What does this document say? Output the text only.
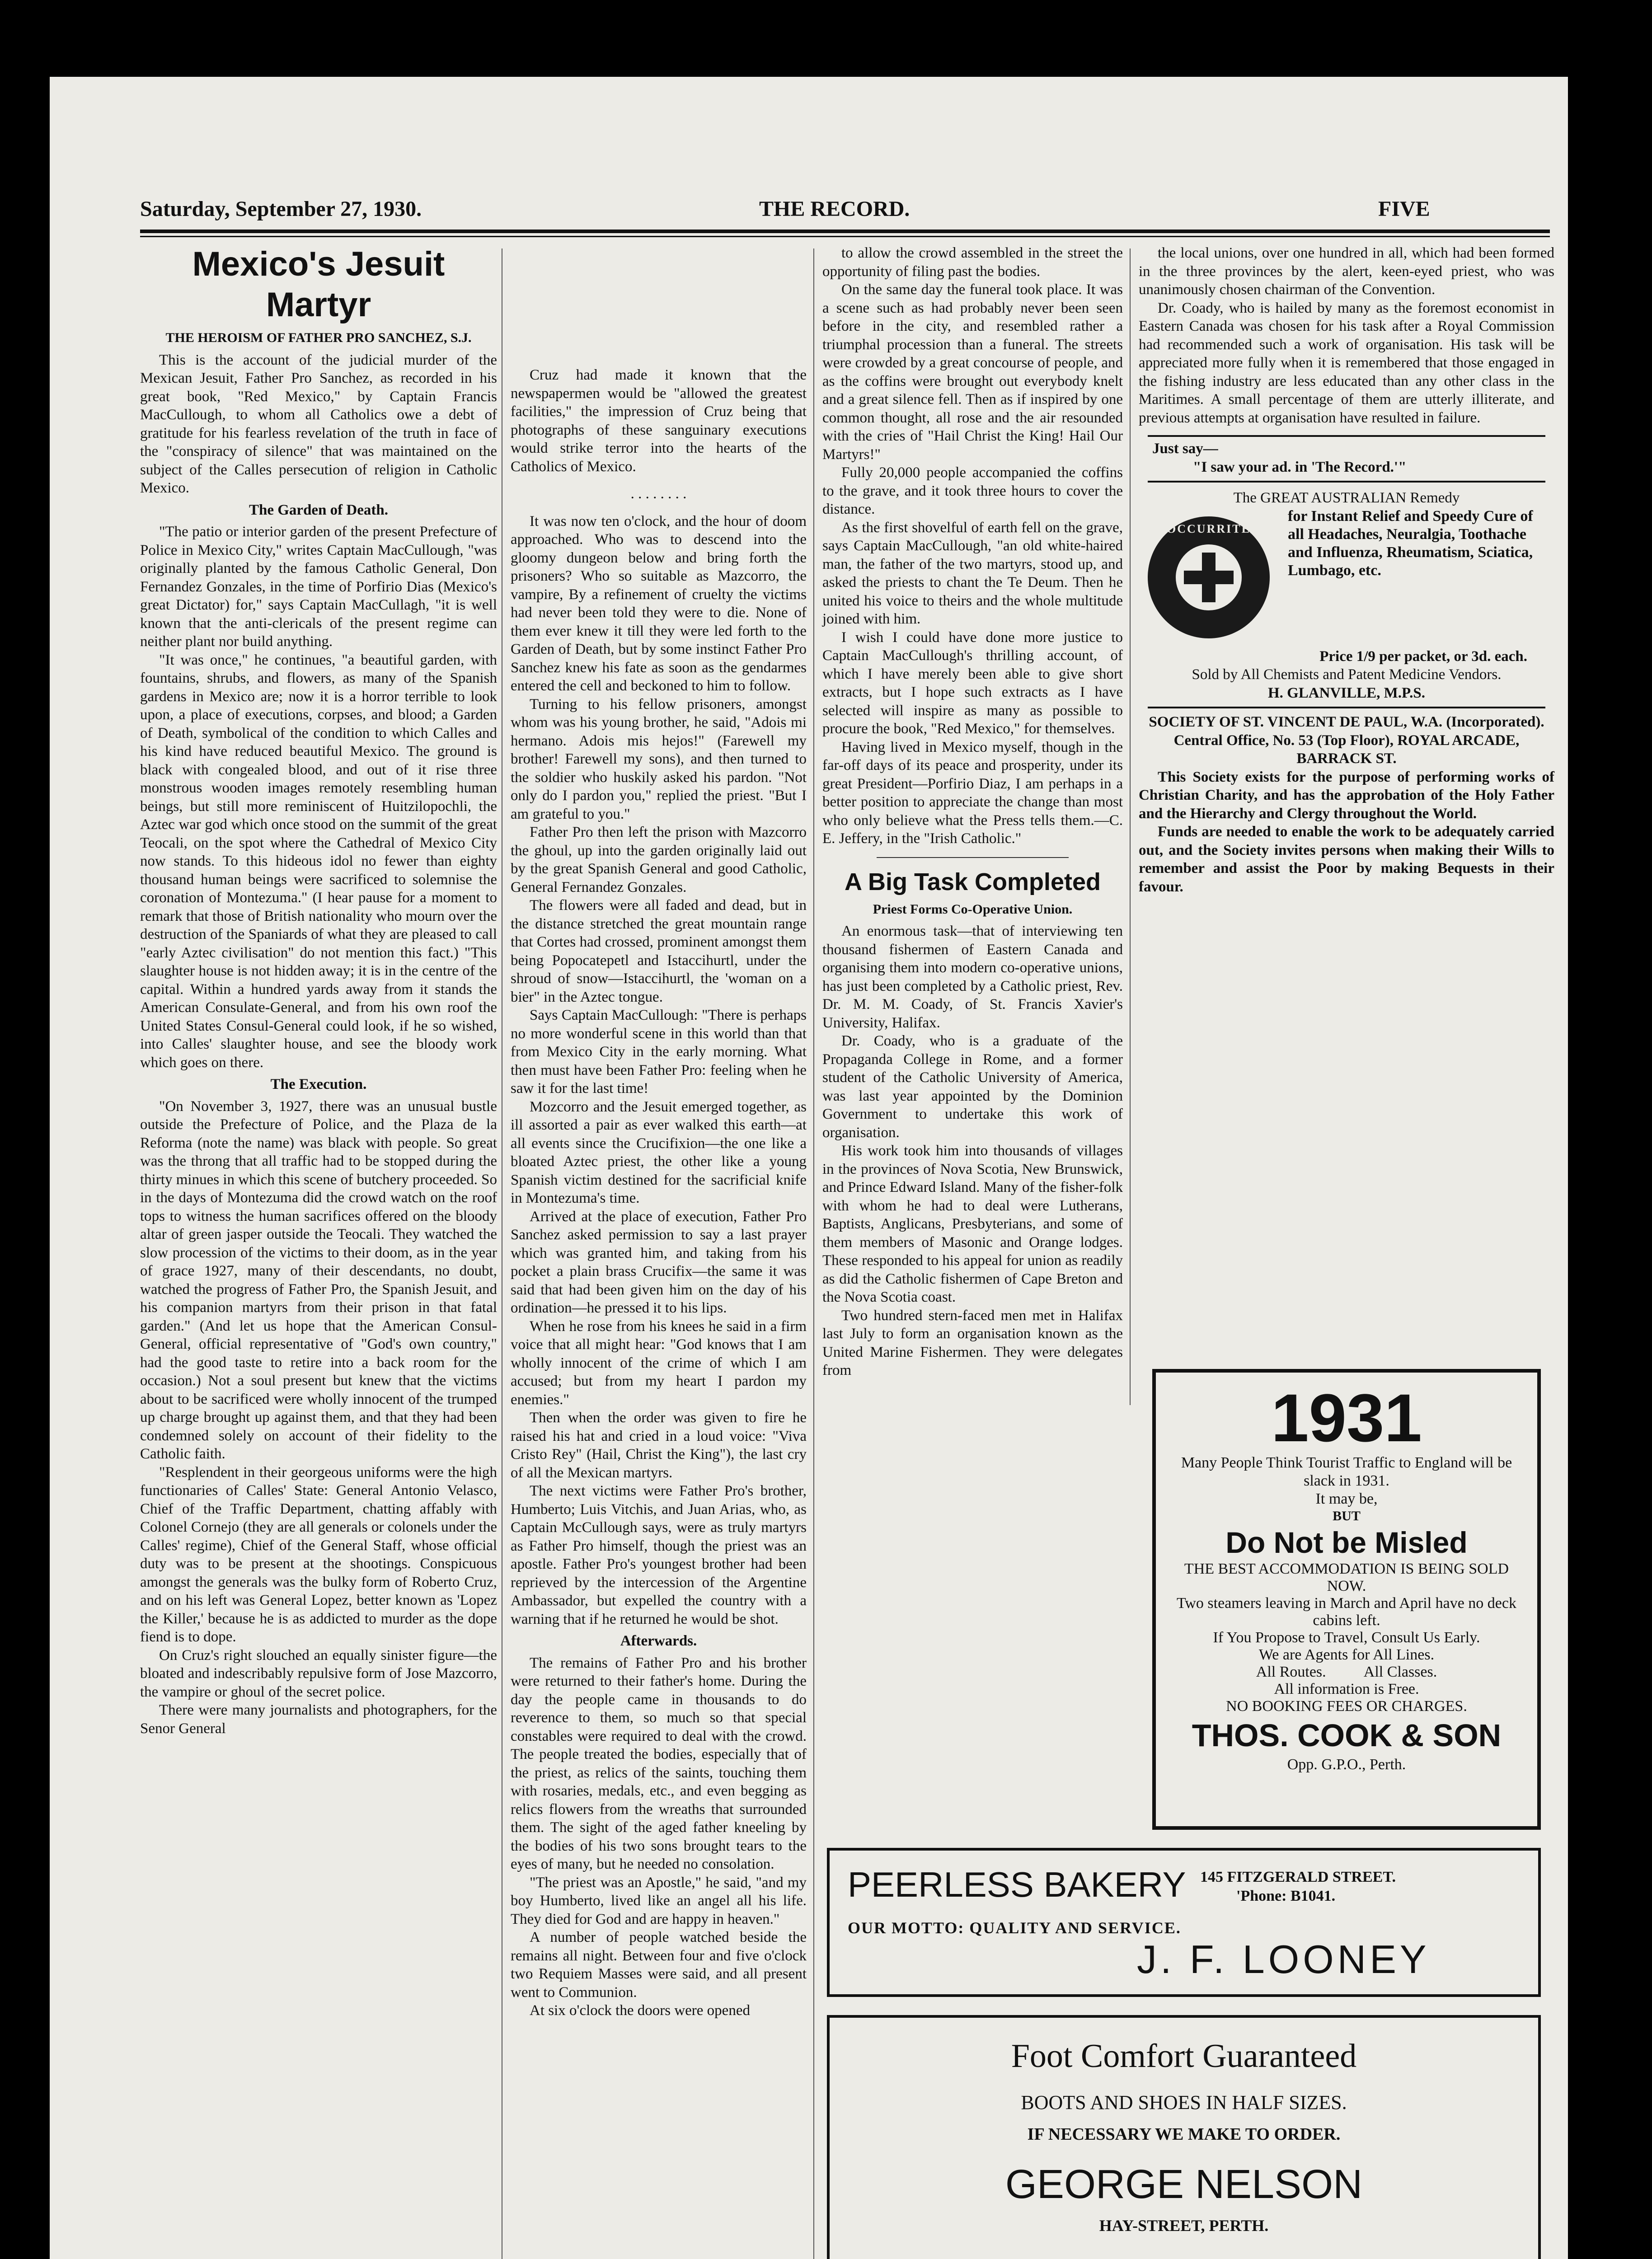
Saturday, September 27, 1930.	THE RECORD.	FIVE
Mexico's Jesuit Martyr
THE HEROISM OF FATHER PRO SANCHEZ, S.J.

This is the account of the judicial murder of the Mexican Jesuit, Father Pro Sanchez, as recorded in his great book, "Red Mexico," by Captain Francis MacCullough, to whom all Catholics owe a debt of gratitude for his fearless revelation of the truth in face of the "conspiracy of silence" that was maintained on the subject of the Calles persecution of religion in Catholic Mexico.

The Garden of Death.

"The patio or interior garden of the present Prefecture of Police in Mexico City," writes Captain MacCullough, "was originally planted by the famous Catholic General, Don Fernandez Gonzales, in the time of Porfirio Dias (Mexico's great Dictator) for," says Captain MacCullagh, "it is well known that the anti-clericals of the present regime can neither plant nor build anything.

"It was once," he continues, "a beautiful garden, with fountains, shrubs, and flowers, as many of the Spanish gardens in Mexico are; now it is a horror terrible to look upon, a place of executions, corpses, and blood; a Garden of Death, symbolical of the condition to which Calles and his kind have reduced beautiful Mexico. The ground is black with congealed blood, and out of it rise three monstrous wooden images remotely resembling human beings, but still more reminiscent of Huitzilopochli, the Aztec war god which once stood on the summit of the great Teocali, on the spot where the Cathedral of Mexico City now stands. To this hideous idol no fewer than eighty thousand human beings were sacrificed to solemnise the coronation of Montezuma." (I hear pause for a moment to remark that those of British nationality who mourn over the destruction of the Spaniards of what they are pleased to call "early Aztec civilisation" do not mention this fact.) "This slaughter house is not hidden away; it is in the centre of the capital. Within a hundred yards away from it stands the American Consulate-General, and from his own roof the United States Consul-General could look, if he so wished, into Calles' slaughter house, and see the bloody work which goes on there.

The Execution.

"On November 3, 1927, there was an unusual bustle outside the Prefecture of Police, and the Plaza de la Reforma (note the name) was black with people. So great was the throng that all traffic had to be stopped during the thirty minues in which this scene of butchery proceeded. So in the days of Montezuma did the crowd watch on the roof tops to witness the human sacrifices offered on the bloody altar of green jasper outside the Teocali. They watched the slow procession of the victims to their doom, as in the year of grace 1927, many of their descendants, no doubt, watched the progress of Father Pro, the Spanish Jesuit, and his companion martyrs from their prison in that fatal garden." (And let us hope that the American Consul-General, official representative of "God's own country," had the good taste to retire into a back room for the occasion.) Not a soul present but knew that the victims about to be sacrificed were wholly innocent of the trumped up charge brought up against them, and that they had been condemned solely on account of their fidelity to the Catholic faith.

"Resplendent in their georgeous uniforms were the high functionaries of Calles' State: General Antonio Velasco, Chief of the Traffic Department, chatting affably with Colonel Cornejo (they are all generals or colonels under the Calles' regime), Chief of the General Staff, whose official duty was to be present at the shootings. Conspicuous amongst the generals was the bulky form of Roberto Cruz, and on his left was General Lopez, better known as 'Lopez the Killer,' because he is as addicted to murder as the dope fiend is to dope.

On Cruz's right slouched an equally sinister figure—the bloated and indescribably repulsive form of Jose Mazcorro, the vampire or ghoul of the secret police.

There were many journalists and photographers, for the Senor General

Cruz had made it known that the newspapermen would be "allowed the greatest facilities," the impression of Cruz being that photographs of these sanguinary executions would strike terror into the hearts of the Catholics of Mexico.

. . . . . . . .

It was now ten o'clock, and the hour of doom approached. Who was to descend into the gloomy dungeon below and bring forth the prisoners? Who so suitable as Mazcorro, the vampire, By a refinement of cruelty the victims had never been told they were to die. None of them ever knew it till they were led forth to the Garden of Death, but by some instinct Father Pro Sanchez knew his fate as soon as the gendarmes entered the cell and beckoned to him to follow.

Turning to his fellow prisoners, amongst whom was his young brother, he said, "Adois mi hermano. Adois mis hejos!" (Farewell my brother! Farewell my sons), and then turned to the soldier who huskily asked his pardon. "Not only do I pardon you," replied the priest. "But I am grateful to you."

Father Pro then left the prison with Mazcorro the ghoul, up into the garden originally laid out by the great Spanish General and good Catholic, General Fernandez Gonzales.

The flowers were all faded and dead, but in the distance stretched the great mountain range that Cortes had crossed, prominent amongst them being Popocatepetl and Istaccihurtl, under the shroud of snow—Istaccihurtl, the 'woman on a bier" in the Aztec tongue.

Says Captain MacCullough: "There is perhaps no more wonderful scene in this world than that from Mexico City in the early morning. What then must have been Father Pro: feeling when he saw it for the last time!

Mozcorro and the Jesuit emerged together, as ill assorted a pair as ever walked this earth—at all events since the Crucifixion—the one like a bloated Aztec priest, the other like a young Spanish victim destined for the sacrificial knife in Montezuma's time.

Arrived at the place of execution, Father Pro Sanchez asked permission to say a last prayer which was granted him, and taking from his pocket a plain brass Crucifix—the same it was said that had been given him on the day of his ordination—he pressed it to his lips.

When he rose from his knees he said in a firm voice that all might hear: "God knows that I am wholly innocent of the crime of which I am accused; but from my heart I pardon my enemies."

Then when the order was given to fire he raised his hat and cried in a loud voice: "Viva Cristo Rey" (Hail, Christ the King"), the last cry of all the Mexican martyrs.

The next victims were Father Pro's brother, Humberto; Luis Vitchis, and Juan Arias, who, as Captain McCullough says, were as truly martyrs as Father Pro himself, though the priest was an apostle. Father Pro's youngest brother had been reprieved by the intercession of the Argentine Ambassador, but expelled the country with a warning that if he returned he would be shot.

Afterwards.

The remains of Father Pro and his brother were returned to their father's home. During the day the people came in thousands to do reverence to them, so much so that special constables were required to deal with the crowd. The people treated the bodies, especially that of the priest, as relics of the saints, touching them with rosaries, medals, etc., and even begging as relics flowers from the wreaths that surrounded them. The sight of the aged father kneeling by the bodies of his two sons brought tears to the eyes of many, but he needed no consolation.

"The priest was an Apostle," he said, "and my boy Humberto, lived like an angel all his life. They died for God and are happy in heaven."

A number of people watched beside the remains all night. Between four and five o'clock two Requiem Masses were said, and all present went to Communion.

At six o'clock the doors were opened

to allow the crowd assembled in the street the opportunity of filing past the bodies.

On the same day the funeral took place. It was a scene such as had probably never been seen before in the city, and resembled rather a triumphal procession than a funeral. The streets were crowded by a great concourse of people, and as the coffins were brought out everybody knelt and a great silence fell. Then as if inspired by one common thought, all rose and the air resounded with the cries of "Hail Christ the King! Hail Our Martyrs!"

Fully 20,000 people accompanied the coffins to the grave, and it took three hours to cover the distance.

As the first shovelful of earth fell on the grave, says Captain MacCullough, "an old white-haired man, the father of the two martyrs, stood up, and asked the priests to chant the Te Deum. Then he united his voice to theirs and the whole multitude joined with him.

I wish I could have done more justice to Captain MacCullough's thrilling account, of which I have merely been able to give short extracts, but I hope such extracts as I have selected will inspire as many as possible to procure the book, "Red Mexico," for themselves.

Having lived in Mexico myself, though in the far-off days of its peace and prosperity, under its great President—Porfirio Diaz, I am perhaps in a better position to appreciate the change than most who only believe what the Press tells them.—C. E. Jeffery, in the "Irish Catholic."

A Big Task Completed
Priest Forms Co-Operative Union.

An enormous task—that of interviewing ten thousand fishermen of Eastern Canada and organising them into modern co-operative unions, has just been completed by a Catholic priest, Rev. Dr. M. M. Coady, of St. Francis Xavier's University, Halifax.

Dr. Coady, who is a graduate of the Propaganda College in Rome, and a former student of the Catholic University of America, was last year appointed by the Dominion Government to undertake this work of organisation.

His work took him into thousands of villages in the provinces of Nova Scotia, New Brunswick, and Prince Edward Island. Many of the fisher-folk with whom he had to deal were Lutherans, Baptists, Anglicans, Presbyterians, and some of them members of Masonic and Orange lodges. These responded to his appeal for union as readily as did the Catholic fishermen of Cape Breton and the Nova Scotia coast.

Two hundred stern-faced men met in Halifax last July to form an organisation known as the United Marine Fishermen. They were delegates from

the local unions, over one hundred in all, which had been formed in the three provinces by the alert, keen-eyed priest, who was unanimously chosen chairman of the Convention.

Dr. Coady, who is hailed by many as the foremost economist in Eastern Canada was chosen for his task after a Royal Commission had recommended such a work of organisation. His task will be appreciated more fully when it is remembered that those engaged in the fishing industry are less educated than any other class in the Maritimes. A small percentage of them are utterly illiterate, and previous attempts at organisation have resulted in failure.

Just say—
"I saw your ad. in 'The Record.'"
The GREAT AUSTRALIAN Remedy
OCCURRITE
for Instant Relief and Speedy Cure of all Headaches, Neuralgia, Toothache and Influenza, Rheumatism, Sciatica, Lumbago, etc.
Price 1/9 per packet, or 3d. each.
Sold by All Chemists and Patent Medicine Vendors.
H. GLANVILLE, M.P.S.
SOCIETY OF ST. VINCENT DE PAUL, W.A. (Incorporated).
Central Office, No. 53 (Top Floor), ROYAL ARCADE, BARRACK ST.

This Society exists for the purpose of performing works of Christian Charity, and has the approbation of the Holy Father and the Hierarchy and Clergy throughout the World.

Funds are needed to enable the work to be adequately carried out, and the Society invites persons when making their Wills to remember and assist the Poor by making Bequests in their favour.

1931
Many People Think Tourist Traffic to England will be slack in 1931.
It may be,
BUT
Do Not be Misled
THE BEST ACCOMMODATION IS BEING SOLD NOW.
Two steamers leaving in March and April have no deck cabins left.
If You Propose to Travel, Consult Us Early.
We are Agents for All Lines.
All Routes.          All Classes.
All information is Free.
NO BOOKING FEES OR CHARGES.
THOS. COOK & SON
Opp. G.P.O., Perth.
PEERLESS BAKERY 145 FITZGERALD STREET.
'Phone: B1041.
OUR MOTTO: QUALITY AND SERVICE.
J. F. LOONEY
Foot Comfort Guaranteed
BOOTS AND SHOES IN HALF SIZES.
IF NECESSARY WE MAKE TO ORDER.
GEORGE NELSON
HAY-STREET, PERTH.
